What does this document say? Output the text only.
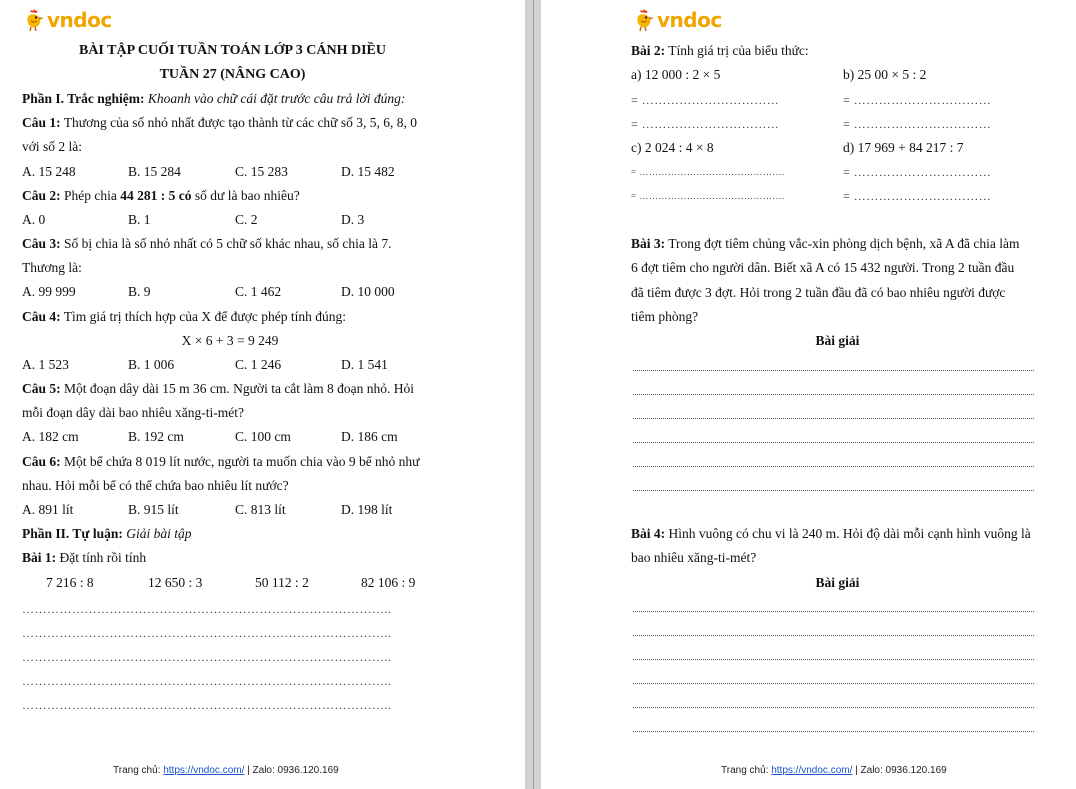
vndoc
BÀI TẬP CUỐI TUẦN TOÁN LỚP 3 CÁNH DIỀU
TUẦN 27 (NÂNG CAO)
Phần I. Trắc nghiệm: Khoanh vào chữ cái đặt trước câu trả lời đúng:
Câu 1: Thương của số nhỏ nhất được tạo thành từ các chữ số 3, 5, 6, 8, 0
với số 2 là:
A. 15 248	B. 15 284	C. 15 283	D. 15 482
Câu 2: Phép chia 44 281 : 5 có số dư là bao nhiêu?
A. 0	B. 1	C. 2	D. 3
Câu 3: Số bị chia là số nhỏ nhất có 5 chữ số khác nhau, số chia là 7.
Thương là:
A. 99 999	B. 9	C. 1 462	D. 10 000
Câu 4: Tìm giá trị thích hợp của X để được phép tính đúng:
X × 6 + 3 = 9 249
A. 1 523	B. 1 006	C. 1 246	D. 1 541
Câu 5: Một đoạn dây dài 15 m 36 cm. Người ta cắt làm 8 đoạn nhỏ. Hỏi
mỗi đoạn dây dài bao nhiêu xăng-ti-mét?
A. 182 cm	B. 192 cm	C. 100 cm	D. 186 cm
Câu 6: Một bể chứa 8 019 lít nước, người ta muốn chia vào 9 bể nhỏ như
nhau. Hỏi mỗi bể có thể chứa bao nhiêu lít nước?
A. 891 lít	B. 915 lít	C. 813 lít	D. 198 lít
Phần II. Tự luận: Giải bài tập
Bài 1: Đặt tính rồi tính
7 216 : 8	12 650 : 3	50 112 : 2	82 106 : 9
……………………………………………………………………………..
……………………………………………………………………………..
……………………………………………………………………………..
……………………………………………………………………………..
……………………………………………………………………………..
Trang chủ: https://vndoc.com/ | Zalo: 0936.120.169
vndoc
Bài 2: Tính giá trị của biểu thức:
a) 12 000 : 2 × 5	b) 25 00 × 5 : 2
= ……………………………	= ……………………………
= ……………………………	= ……………………………
c) 2 024 : 4 × 8	d) 17 969 + 84 217 : 7
= ……………………………………….	= ……………………………
= ……………………………………….	= ……………………………
Bài 3: Trong đợt tiêm chủng vắc-xin phòng dịch bệnh, xã A đã chia làm
6 đợt tiêm cho người dân. Biết xã A có 15 432 người. Trong 2 tuần đầu
đã tiêm được 3 đợt. Hỏi trong 2 tuần đầu đã có bao nhiêu người được
tiêm phòng?
Bài giải
Bài 4: Hình vuông có chu vi là 240 m. Hỏi độ dài mỗi cạnh hình vuông là
bao nhiêu xăng-ti-mét?
Bài giải
Trang chủ: https://vndoc.com/ | Zalo: 0936.120.169
